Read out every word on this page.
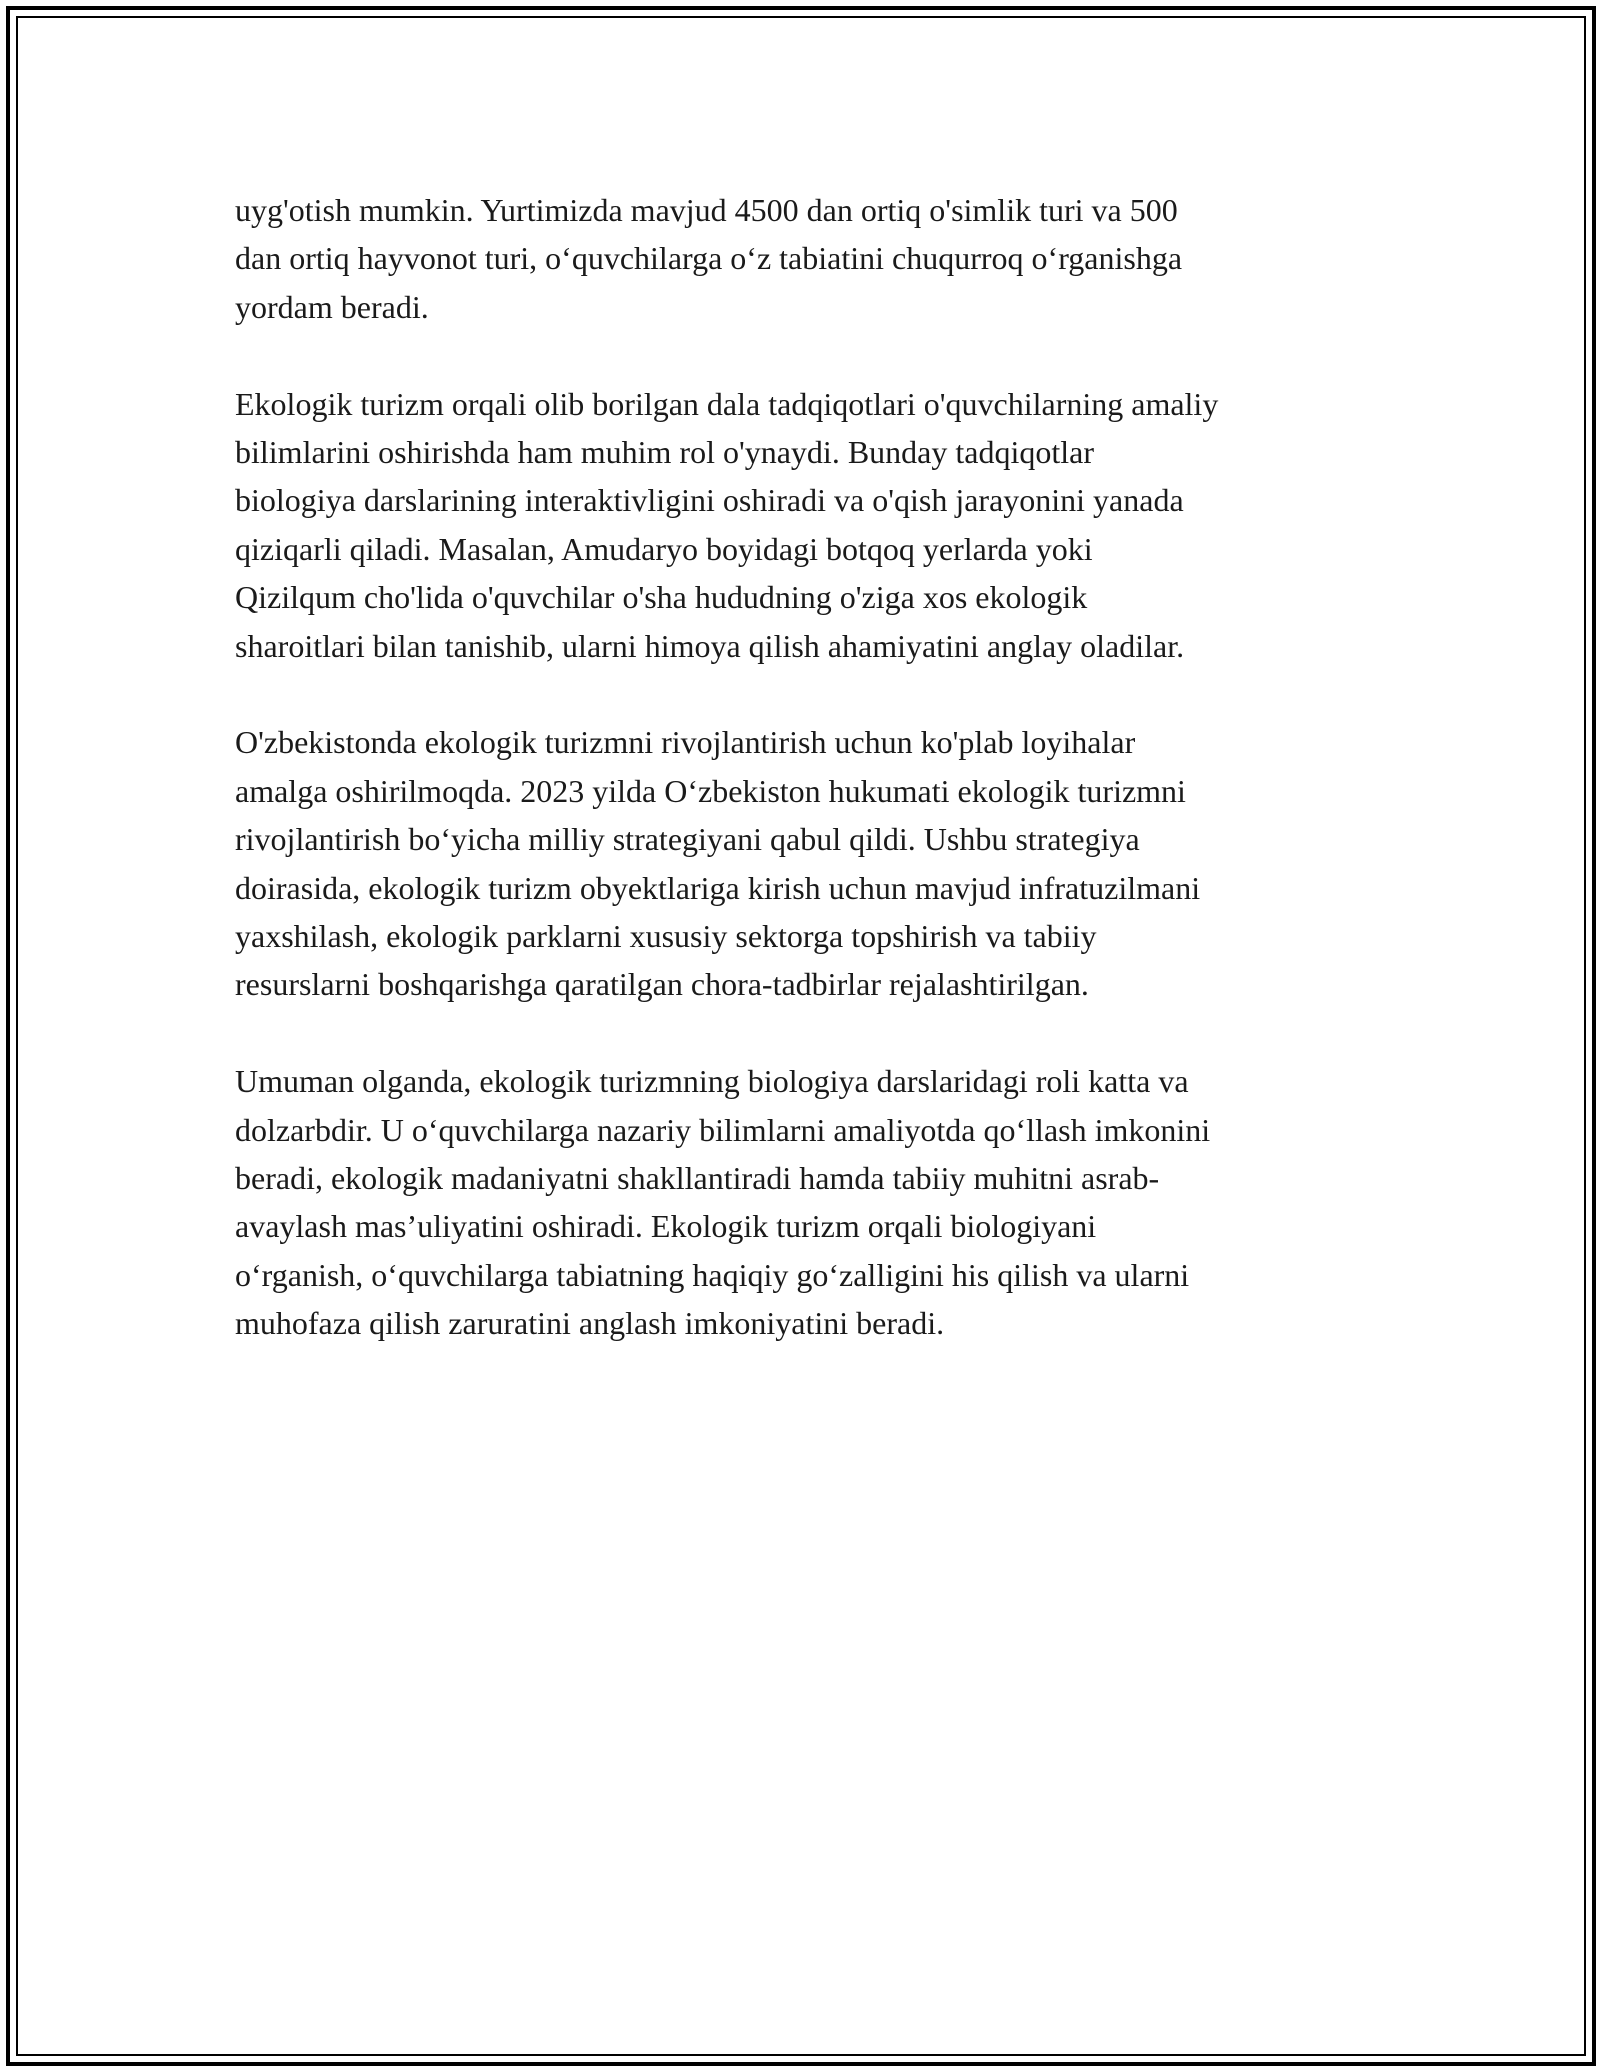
uyg'otish mumkin. Yurtimizda mavjud 4500 dan ortiq o'simlik turi va 500
dan ortiq hayvonot turi, o‘quvchilarga o‘z tabiatini chuqurroq o‘rganishga
yordam beradi.

Ekologik turizm orqali olib borilgan dala tadqiqotlari o'quvchilarning amaliy
bilimlarini oshirishda ham muhim rol o'ynaydi. Bunday tadqiqotlar
biologiya darslarining interaktivligini oshiradi va o'qish jarayonini yanada
qiziqarli qiladi. Masalan, Amudaryo boyidagi botqoq yerlarda yoki
Qizilqum cho'lida o'quvchilar o'sha hududning o'ziga xos ekologik
sharoitlari bilan tanishib, ularni himoya qilish ahamiyatini anglay oladilar.

O'zbekistonda ekologik turizmni rivojlantirish uchun ko'plab loyihalar
amalga oshirilmoqda. 2023 yilda O‘zbekiston hukumati ekologik turizmni
rivojlantirish bo‘yicha milliy strategiyani qabul qildi. Ushbu strategiya
doirasida, ekologik turizm obyektlariga kirish uchun mavjud infratuzilmani
yaxshilash, ekologik parklarni xususiy sektorga topshirish va tabiiy
resurslarni boshqarishga qaratilgan chora-tadbirlar rejalashtirilgan.

Umuman olganda, ekologik turizmning biologiya darslaridagi roli katta va
dolzarbdir. U o‘quvchilarga nazariy bilimlarni amaliyotda qo‘llash imkonini
beradi, ekologik madaniyatni shakllantiradi hamda tabiiy muhitni asrab-
avaylash mas’uliyatini oshiradi. Ekologik turizm orqali biologiyani
o‘rganish, o‘quvchilarga tabiatning haqiqiy go‘zalligini his qilish va ularni
muhofaza qilish zaruratini anglash imkoniyatini beradi.
